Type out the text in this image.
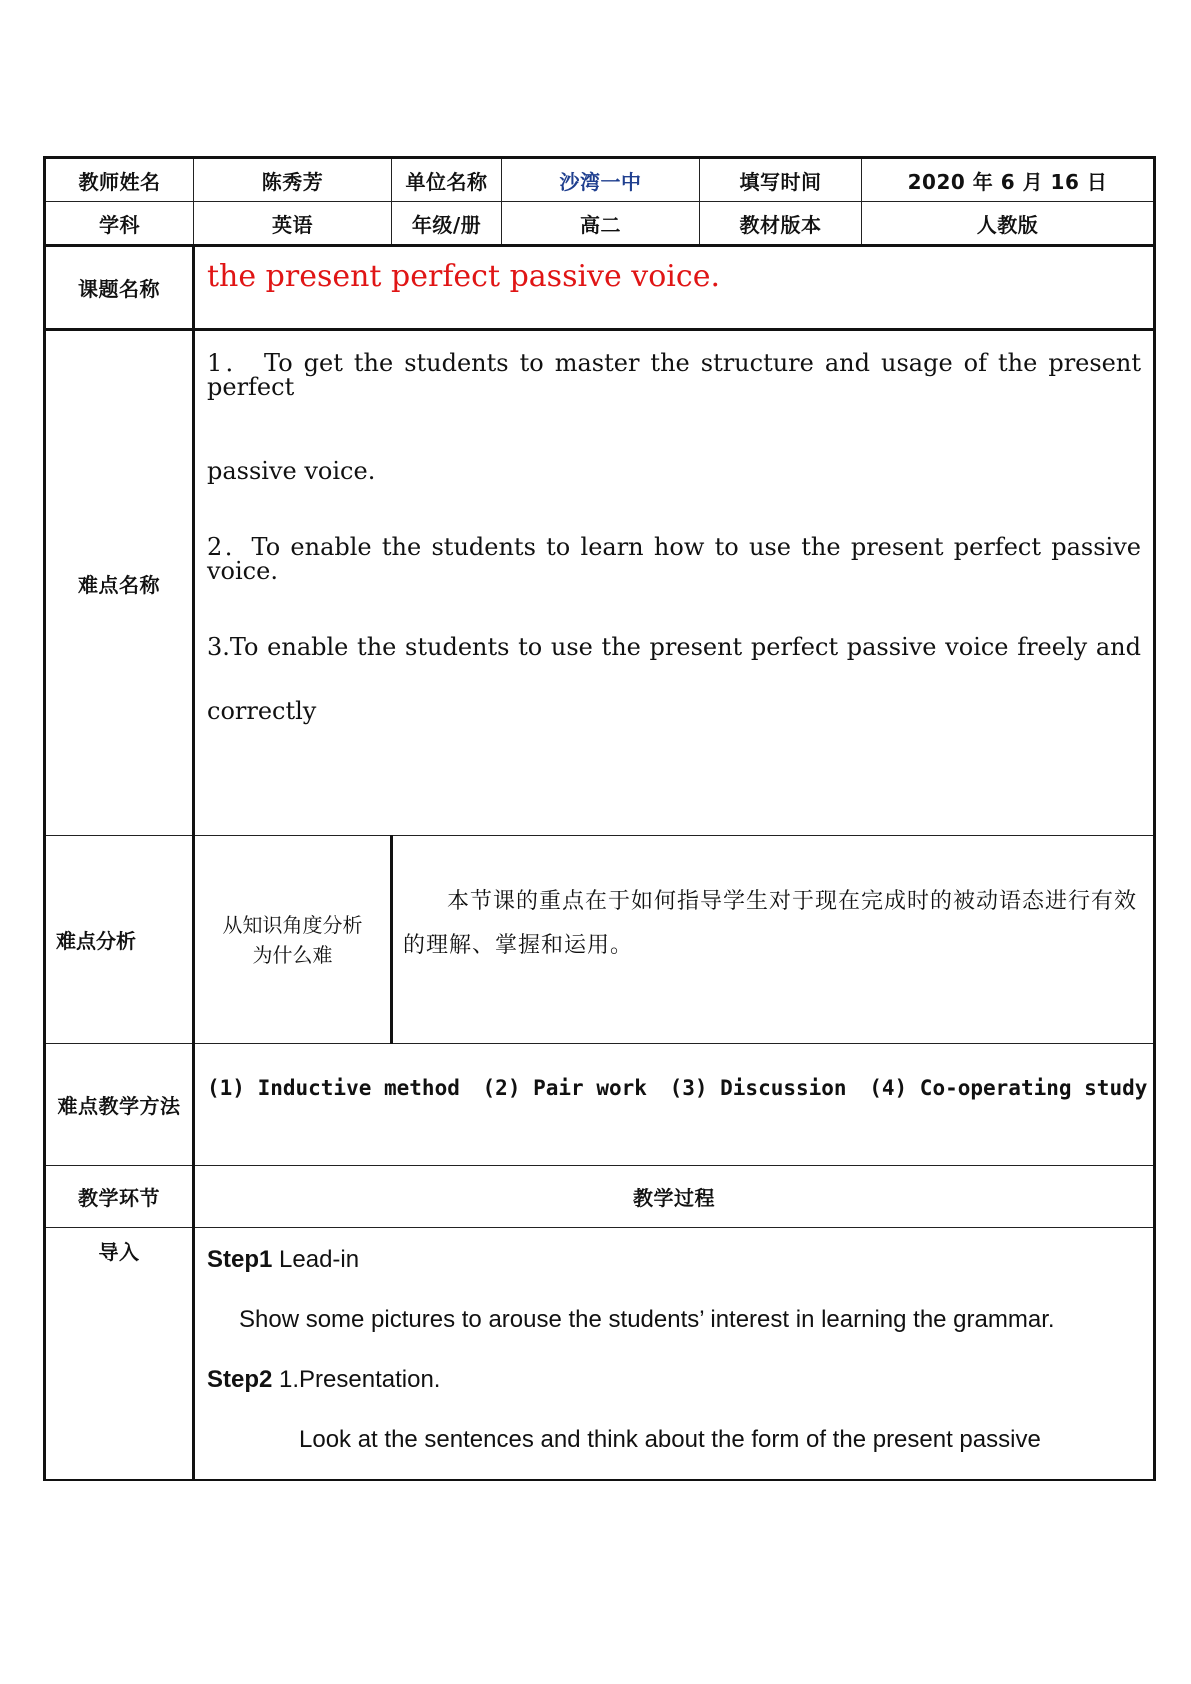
教师姓名	陈秀芳	单位名称	沙湾一中	填写时间	2020 年 6 月 16 日
学科	英语	年级/册	高二	教材版本	人教版
课题名称	the present perfect passive voice.				
难点名称	1． To get the students to master the structure and usage of the present perfect

passive voice.

2．To enable the students to learn how to use the present perfect passive voice.

3.To enable the students to use the present perfect passive voice freely and

correctly				

难点分析	从知识角度分析为什么难	本节课的重点在于如何指导学生对于现在完成时的被动语态进行有效的理解、掌握和运用。			
难点教学方法	(1) Inductive method (2) Pair work (3) Discussion (4) Co-operating study				
教学环节	教学过程				
导入	Step1 Lead-in

Show some pictures to arouse the students’ interest in learning the grammar.

Step2 1.Presentation.

Look at the sentences and think about the form of the present passive				
